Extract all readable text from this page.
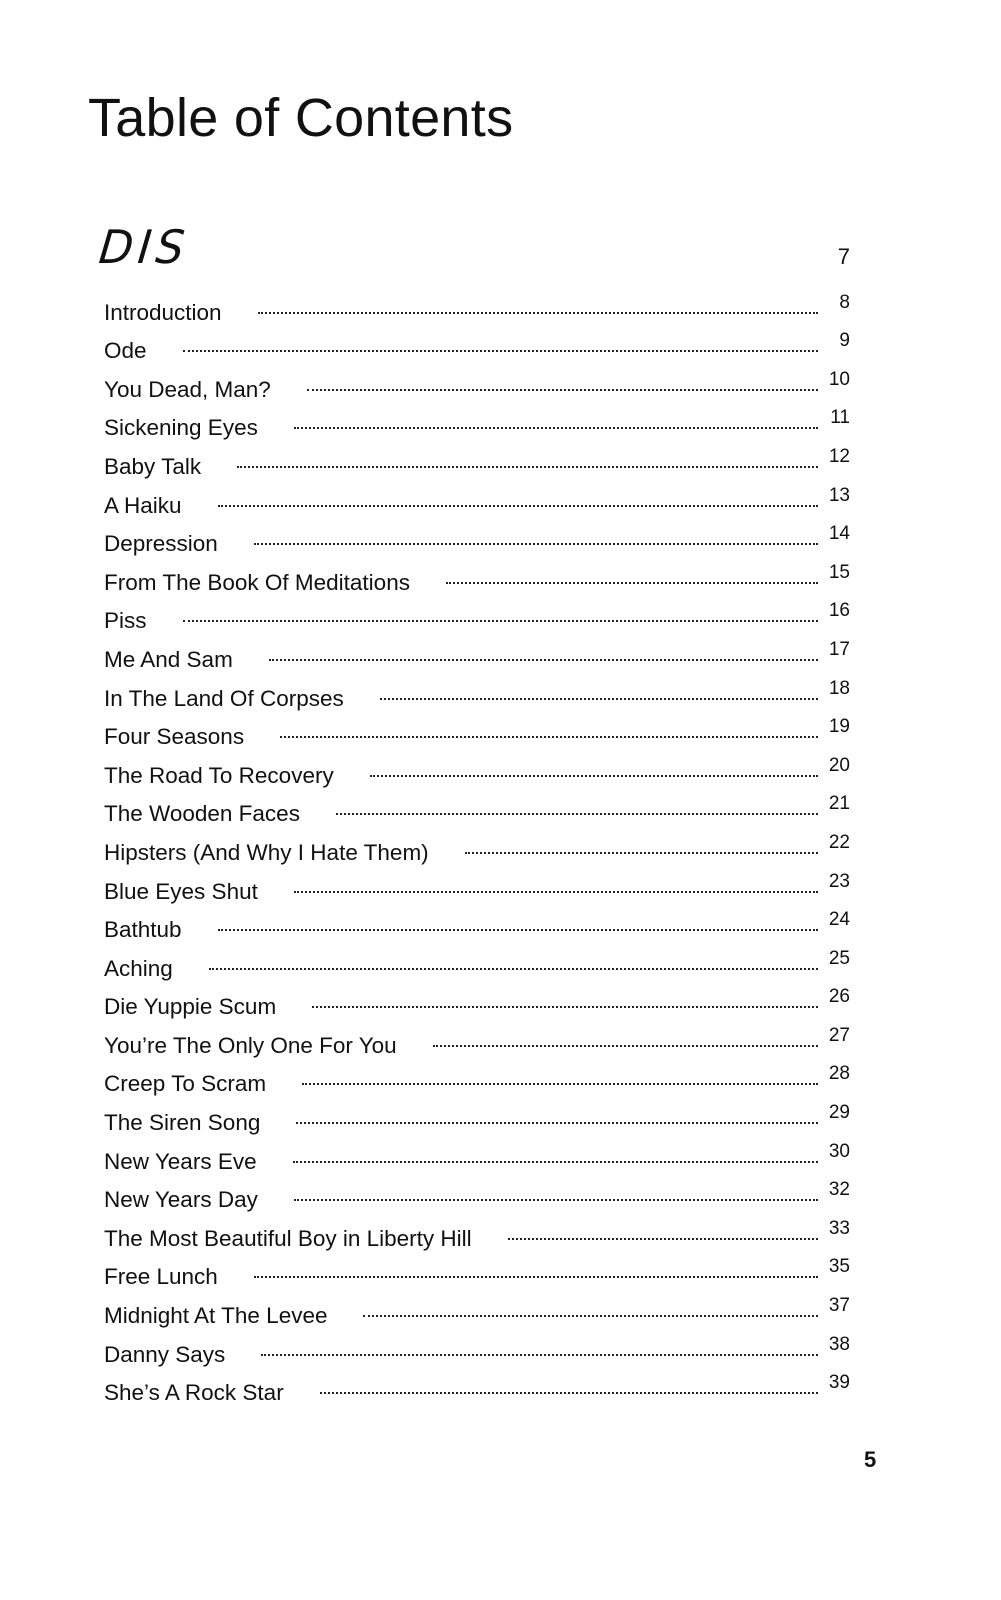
Table of Contents
DIS	7
Introduction	8
Ode	9
You Dead, Man?	10
Sickening Eyes	11
Baby Talk	12
A Haiku	13
Depression	14
From The Book Of Meditations	15
Piss	16
Me And Sam	17
In The Land Of Corpses	18
Four Seasons	19
The Road To Recovery	20
The Wooden Faces	21
Hipsters (And Why I Hate Them)	22
Blue Eyes Shut	23
Bathtub	24
Aching	25
Die Yuppie Scum	26
You’re The Only One For You	27
Creep To Scram	28
The Siren Song	29
New Years Eve	30
New Years Day	32
The Most Beautiful Boy in Liberty Hill	33
Free Lunch	35
Midnight At The Levee	37
Danny Says	38
She’s A Rock Star	39
5
